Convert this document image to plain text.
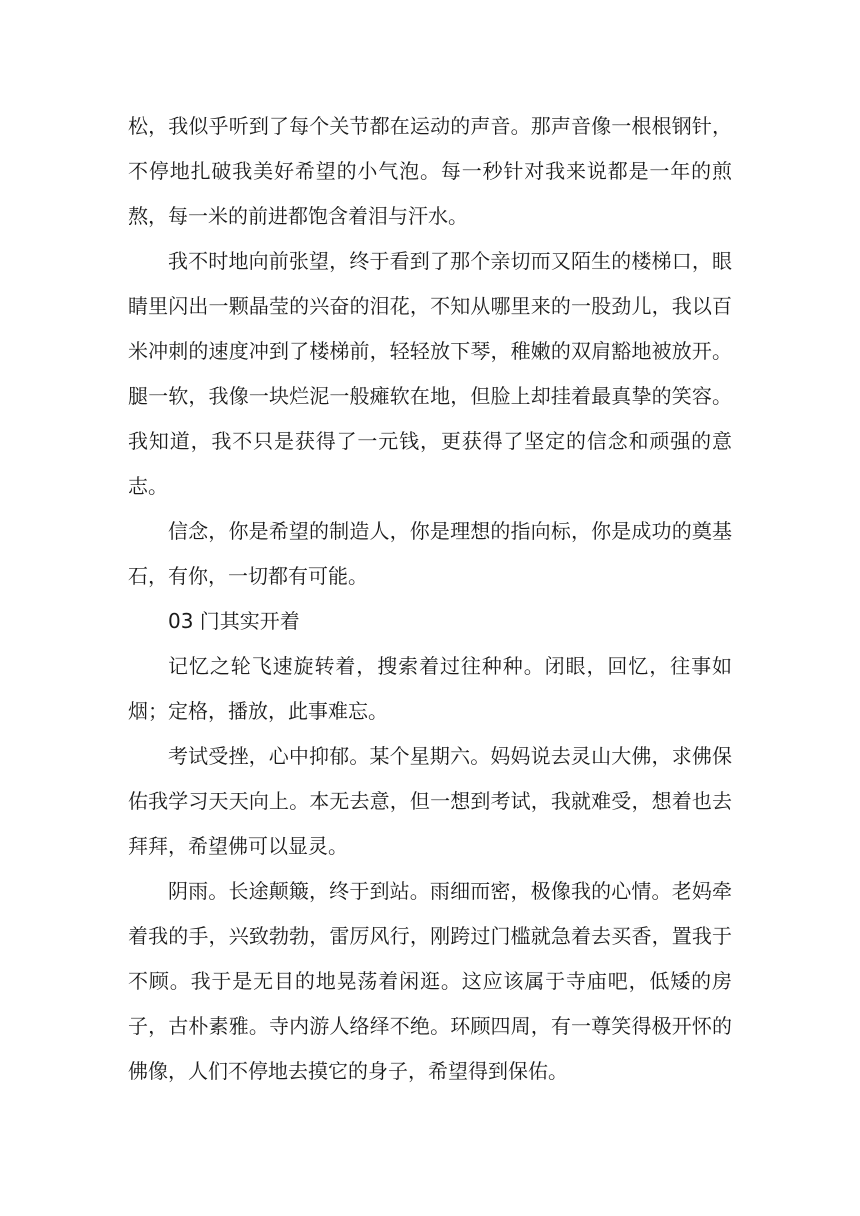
松，我似乎听到了每个关节都在运动的声音。那声音像一根根钢针，不停地扎破我美好希望的小气泡。每一秒针对我来说都是一年的煎熬，每一米的前进都饱含着泪与汗水。

我不时地向前张望，终于看到了那个亲切而又陌生的楼梯口，眼睛里闪出一颗晶莹的兴奋的泪花，不知从哪里来的一股劲儿，我以百米冲刺的速度冲到了楼梯前，轻轻放下琴，稚嫩的双肩豁地被放开。腿一软，我像一块烂泥一般瘫软在地，但脸上却挂着最真挚的笑容。我知道，我不只是获得了一元钱，更获得了坚定的信念和顽强的意志。

信念，你是希望的制造人，你是理想的指向标，你是成功的奠基石，有你，一切都有可能。

03 门其实开着

记忆之轮飞速旋转着，搜索着过往种种。闭眼，回忆，往事如烟；定格，播放，此事难忘。

考试受挫，心中抑郁。某个星期六。妈妈说去灵山大佛，求佛保佑我学习天天向上。本无去意，但一想到考试，我就难受，想着也去拜拜，希望佛可以显灵。

阴雨。长途颠簸，终于到站。雨细而密，极像我的心情。老妈牵着我的手，兴致勃勃，雷厉风行，刚跨过门槛就急着去买香，置我于不顾。我于是无目的地晃荡着闲逛。这应该属于寺庙吧，低矮的房子，古朴素雅。寺内游人络绎不绝。环顾四周，有一尊笑得极开怀的佛像，人们不停地去摸它的身子，希望得到保佑。
